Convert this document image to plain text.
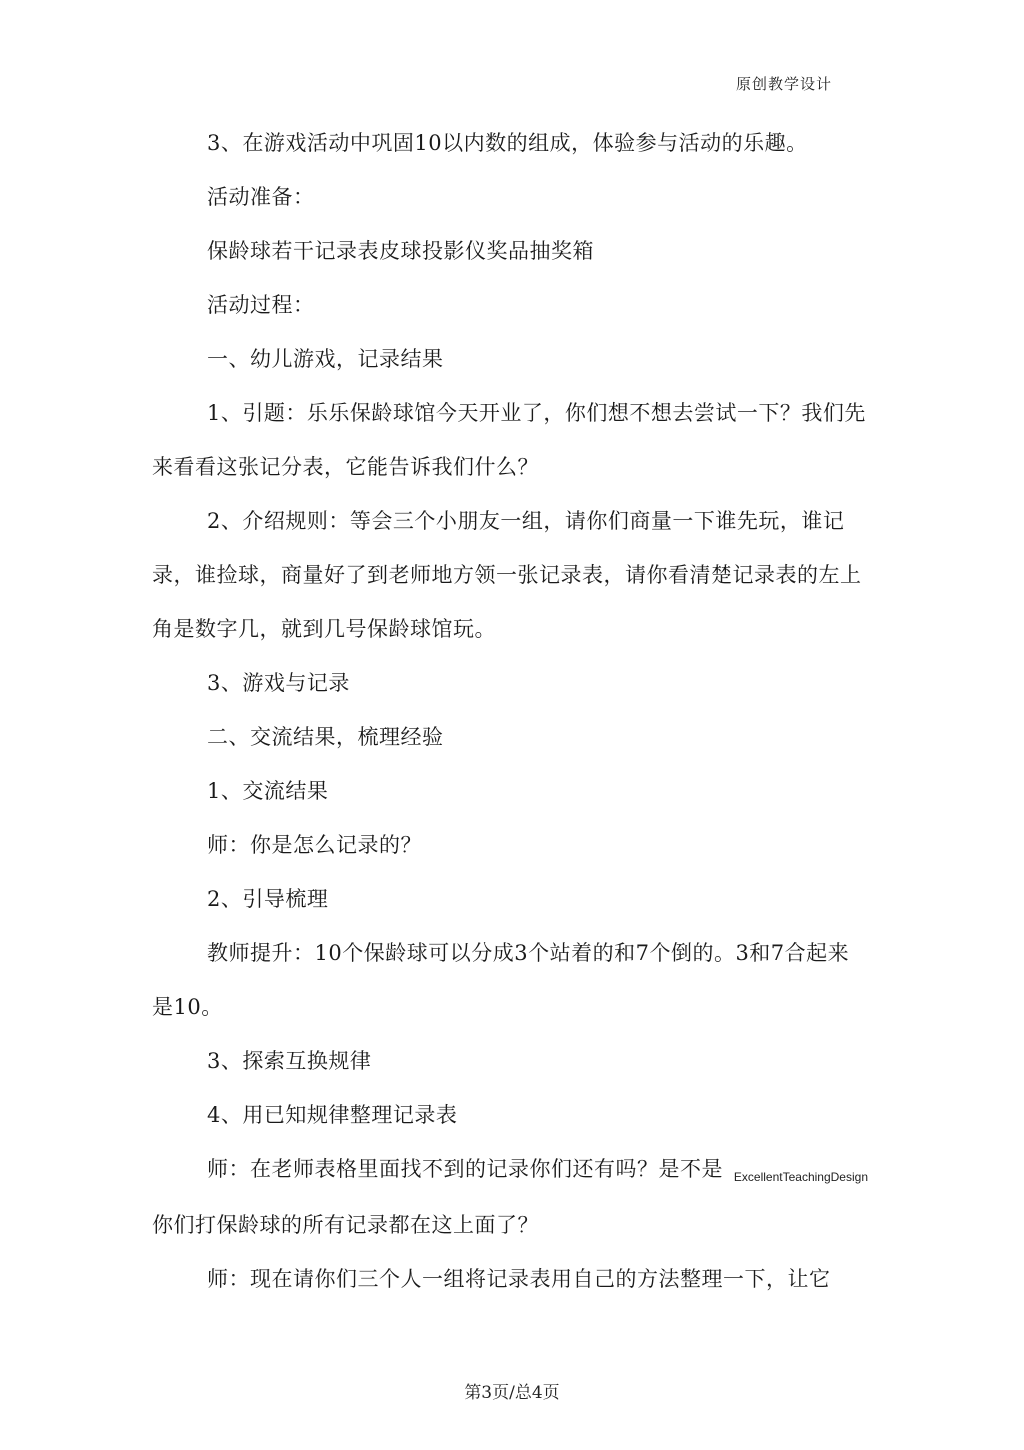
原创教学设计

3、在游戏活动中巩固10以内数的组成，体验参与活动的乐趣。

活动准备：

保龄球若干记录表皮球投影仪奖品抽奖箱

活动过程：

一、幼儿游戏，记录结果

1、引题：乐乐保龄球馆今天开业了，你们想不想去尝试一下？我们先来看看这张记分表，它能告诉我们什么？

2、介绍规则：等会三个小朋友一组，请你们商量一下谁先玩，谁记录，谁捡球，商量好了到老师地方领一张记录表，请你看清楚记录表的左上角是数字几，就到几号保龄球馆玩。

3、游戏与记录

二、交流结果，梳理经验

1、交流结果

师：你是怎么记录的？

2、引导梳理

教师提升：10个保龄球可以分成3个站着的和7个倒的。3和7合起来是10。

3、探索互换规律

4、用已知规律整理记录表

师：在老师表格里面找不到的记录你们还有吗？是不是 ExcellentTeachingDesign

你们打保龄球的所有记录都在这上面了？

师：现在请你们三个人一组将记录表用自己的方法整理一下，让它

第3页/总4页
